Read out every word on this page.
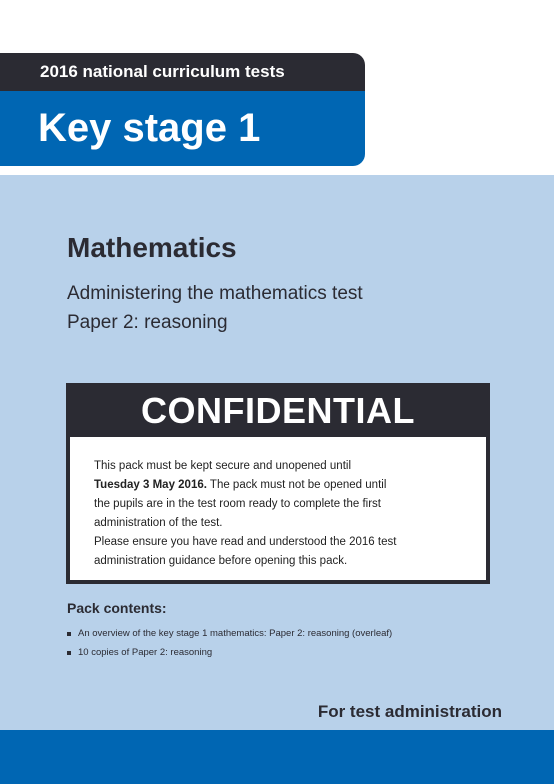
2016 national curriculum tests
Key stage 1
Mathematics

Administering the mathematics test

Paper 2: reasoning

CONFIDENTIAL

This pack must be kept secure and unopened until

Tuesday 3 May 2016. The pack must not be opened until

the pupils are in the test room ready to complete the first

administration of the test.

Please ensure you have read and understood the 2016 test

administration guidance before opening this pack.

Pack contents:
An overview of the key stage 1 mathematics: Paper 2: reasoning (overleaf)
10 copies of Paper 2: reasoning
For test administration
